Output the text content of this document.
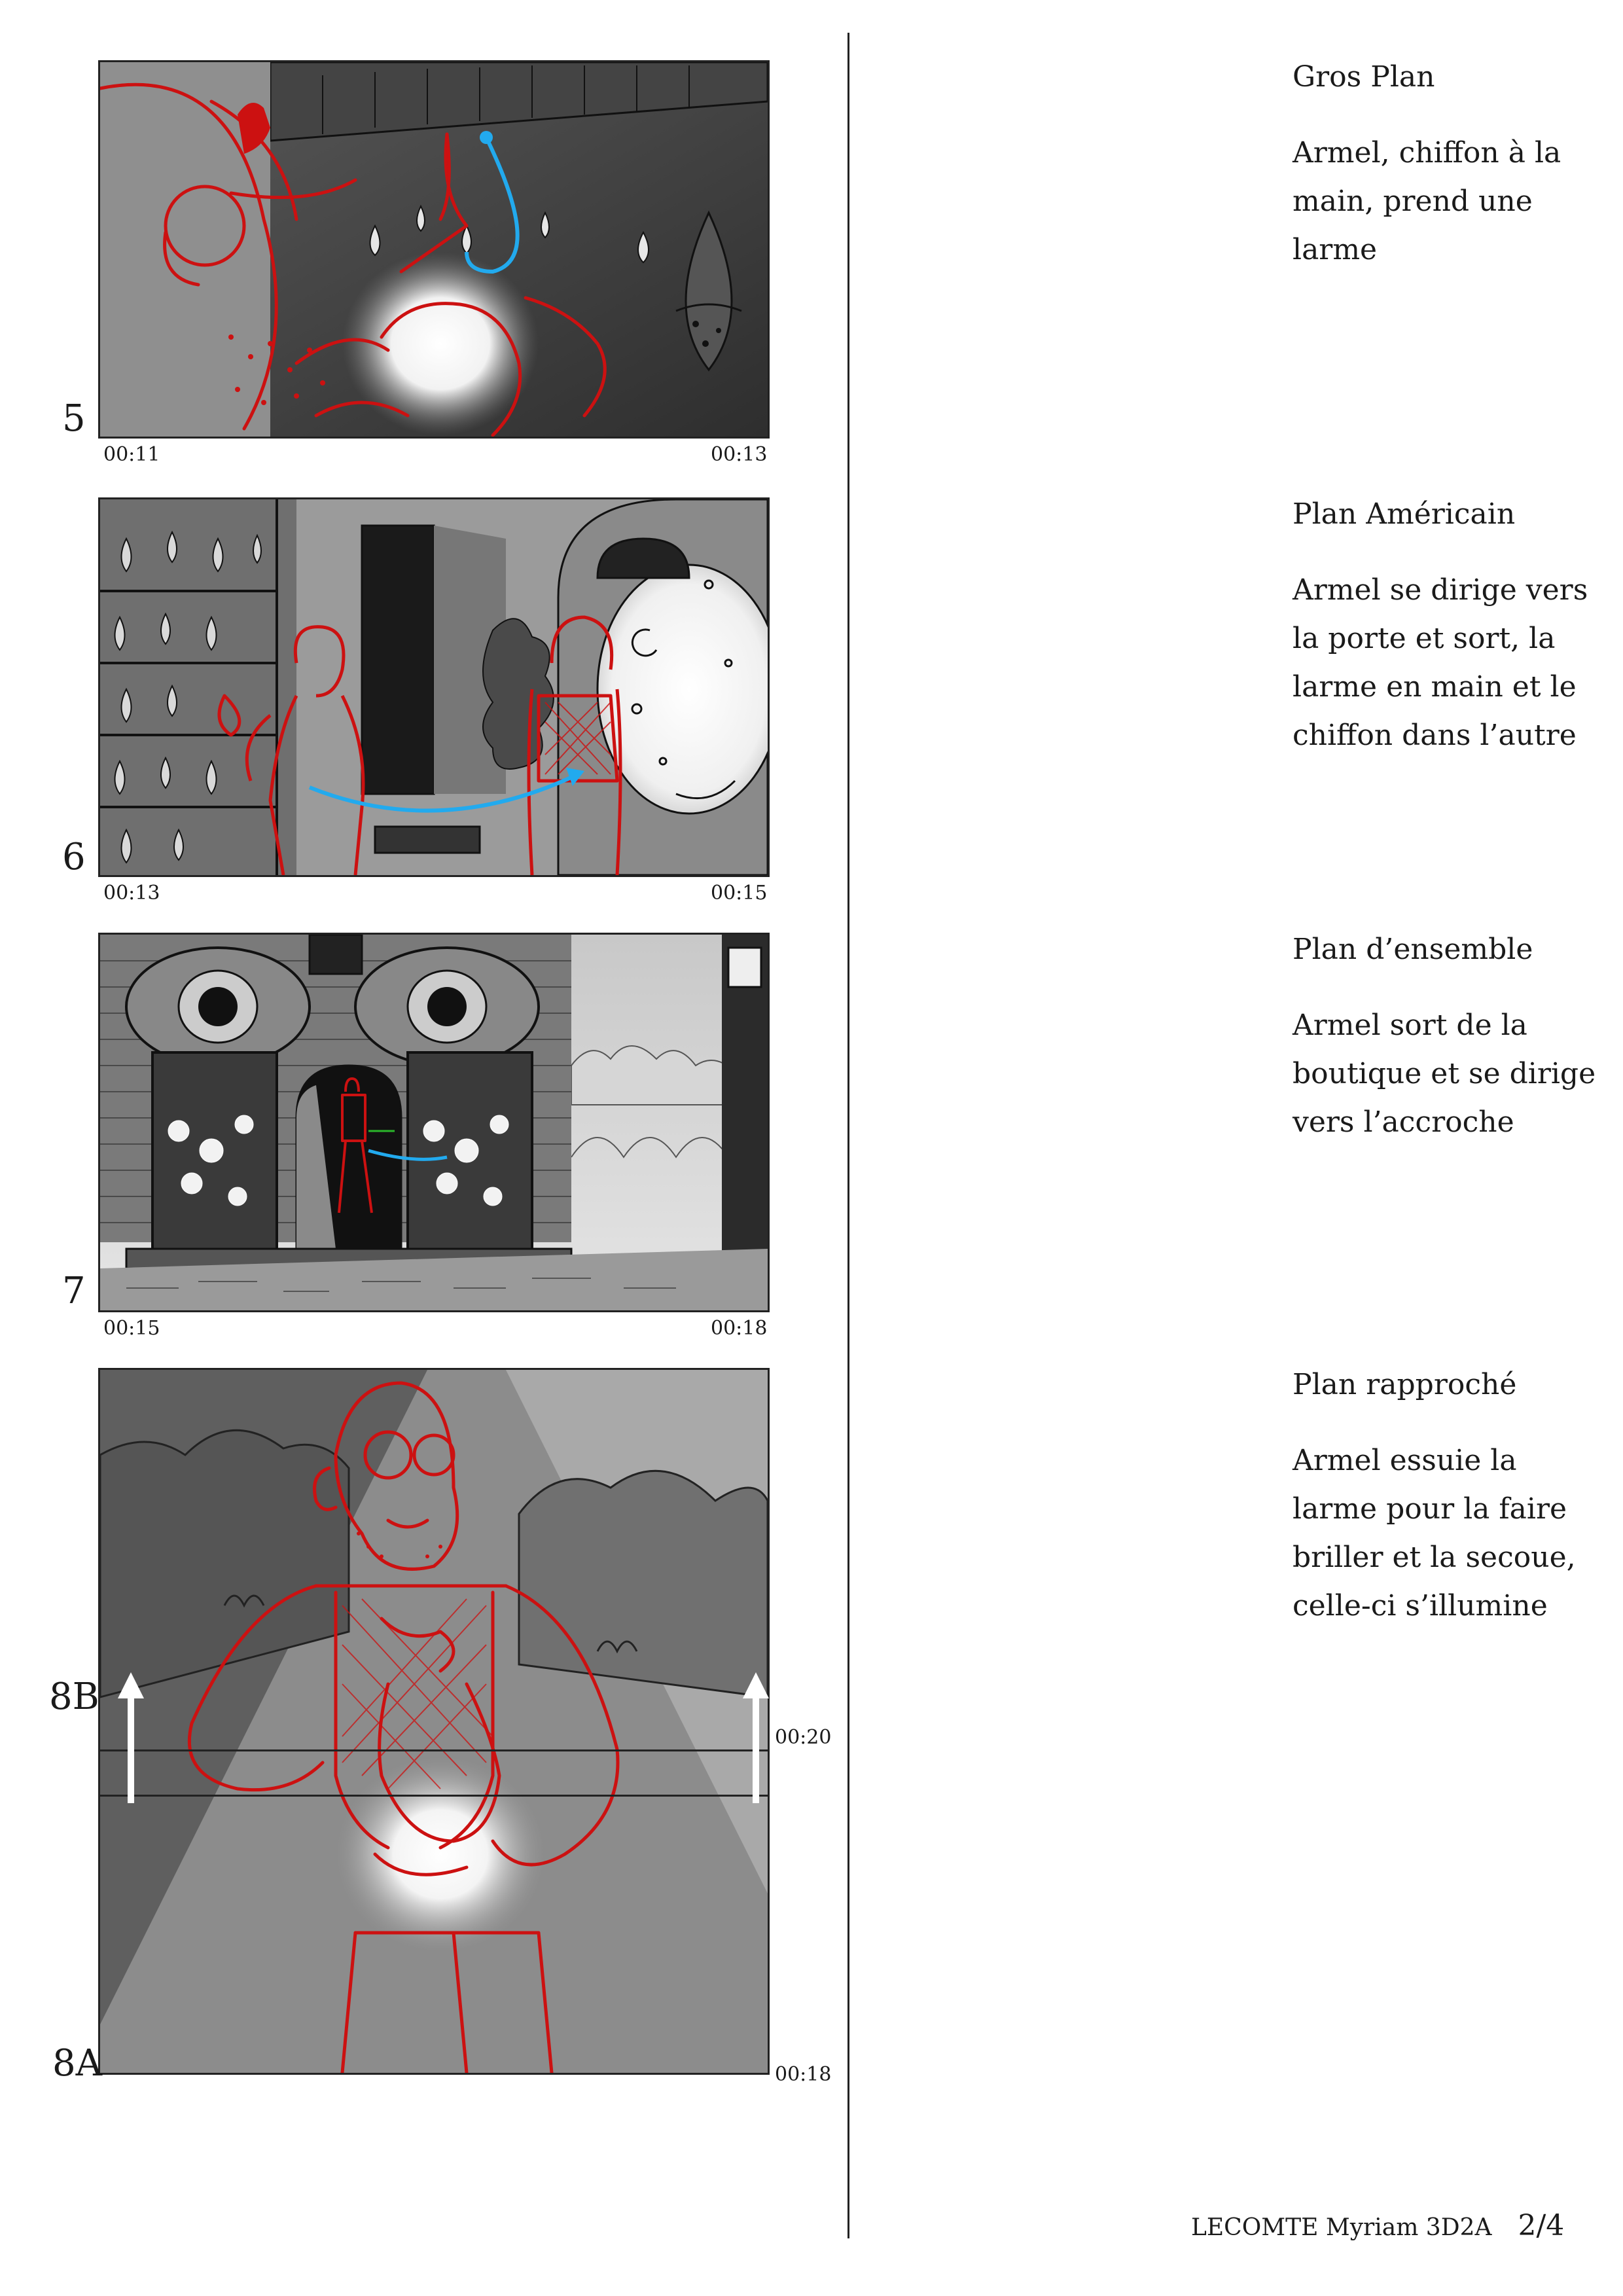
5
00:11	00:13
6
00:13	00:15
7
00:15	00:18
8B
8A
00:20
00:18

Gros Plan

Armel, chiffon à la main, prend une larme

Plan Américain

Armel se dirige vers la porte et sort, la larme en main et le chiffon dans l’autre

Plan d’ensemble

Armel sort de la boutique et se dirige vers l’accroche

Plan rapproché

Armel essuie la larme pour la faire briller et la secoue, celle-ci s’illumine

LECOMTE Myriam 3D2A 2/4
